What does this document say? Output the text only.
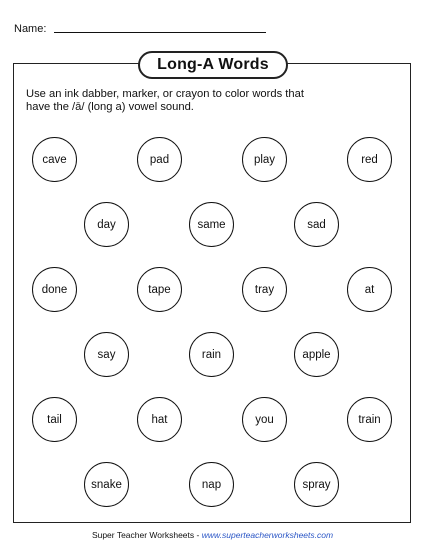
Name:
Long-A Words
Use an ink dabber, marker, or crayon to color words that
have the /ā/ (long a) vowel sound.
cave	pad	play	red
day	same	sad
done	tape	tray	at
say	rain	apple
tail	hat	you	train
snake	nap	spray
Super Teacher Worksheets - www.superteacherworksheets.com
